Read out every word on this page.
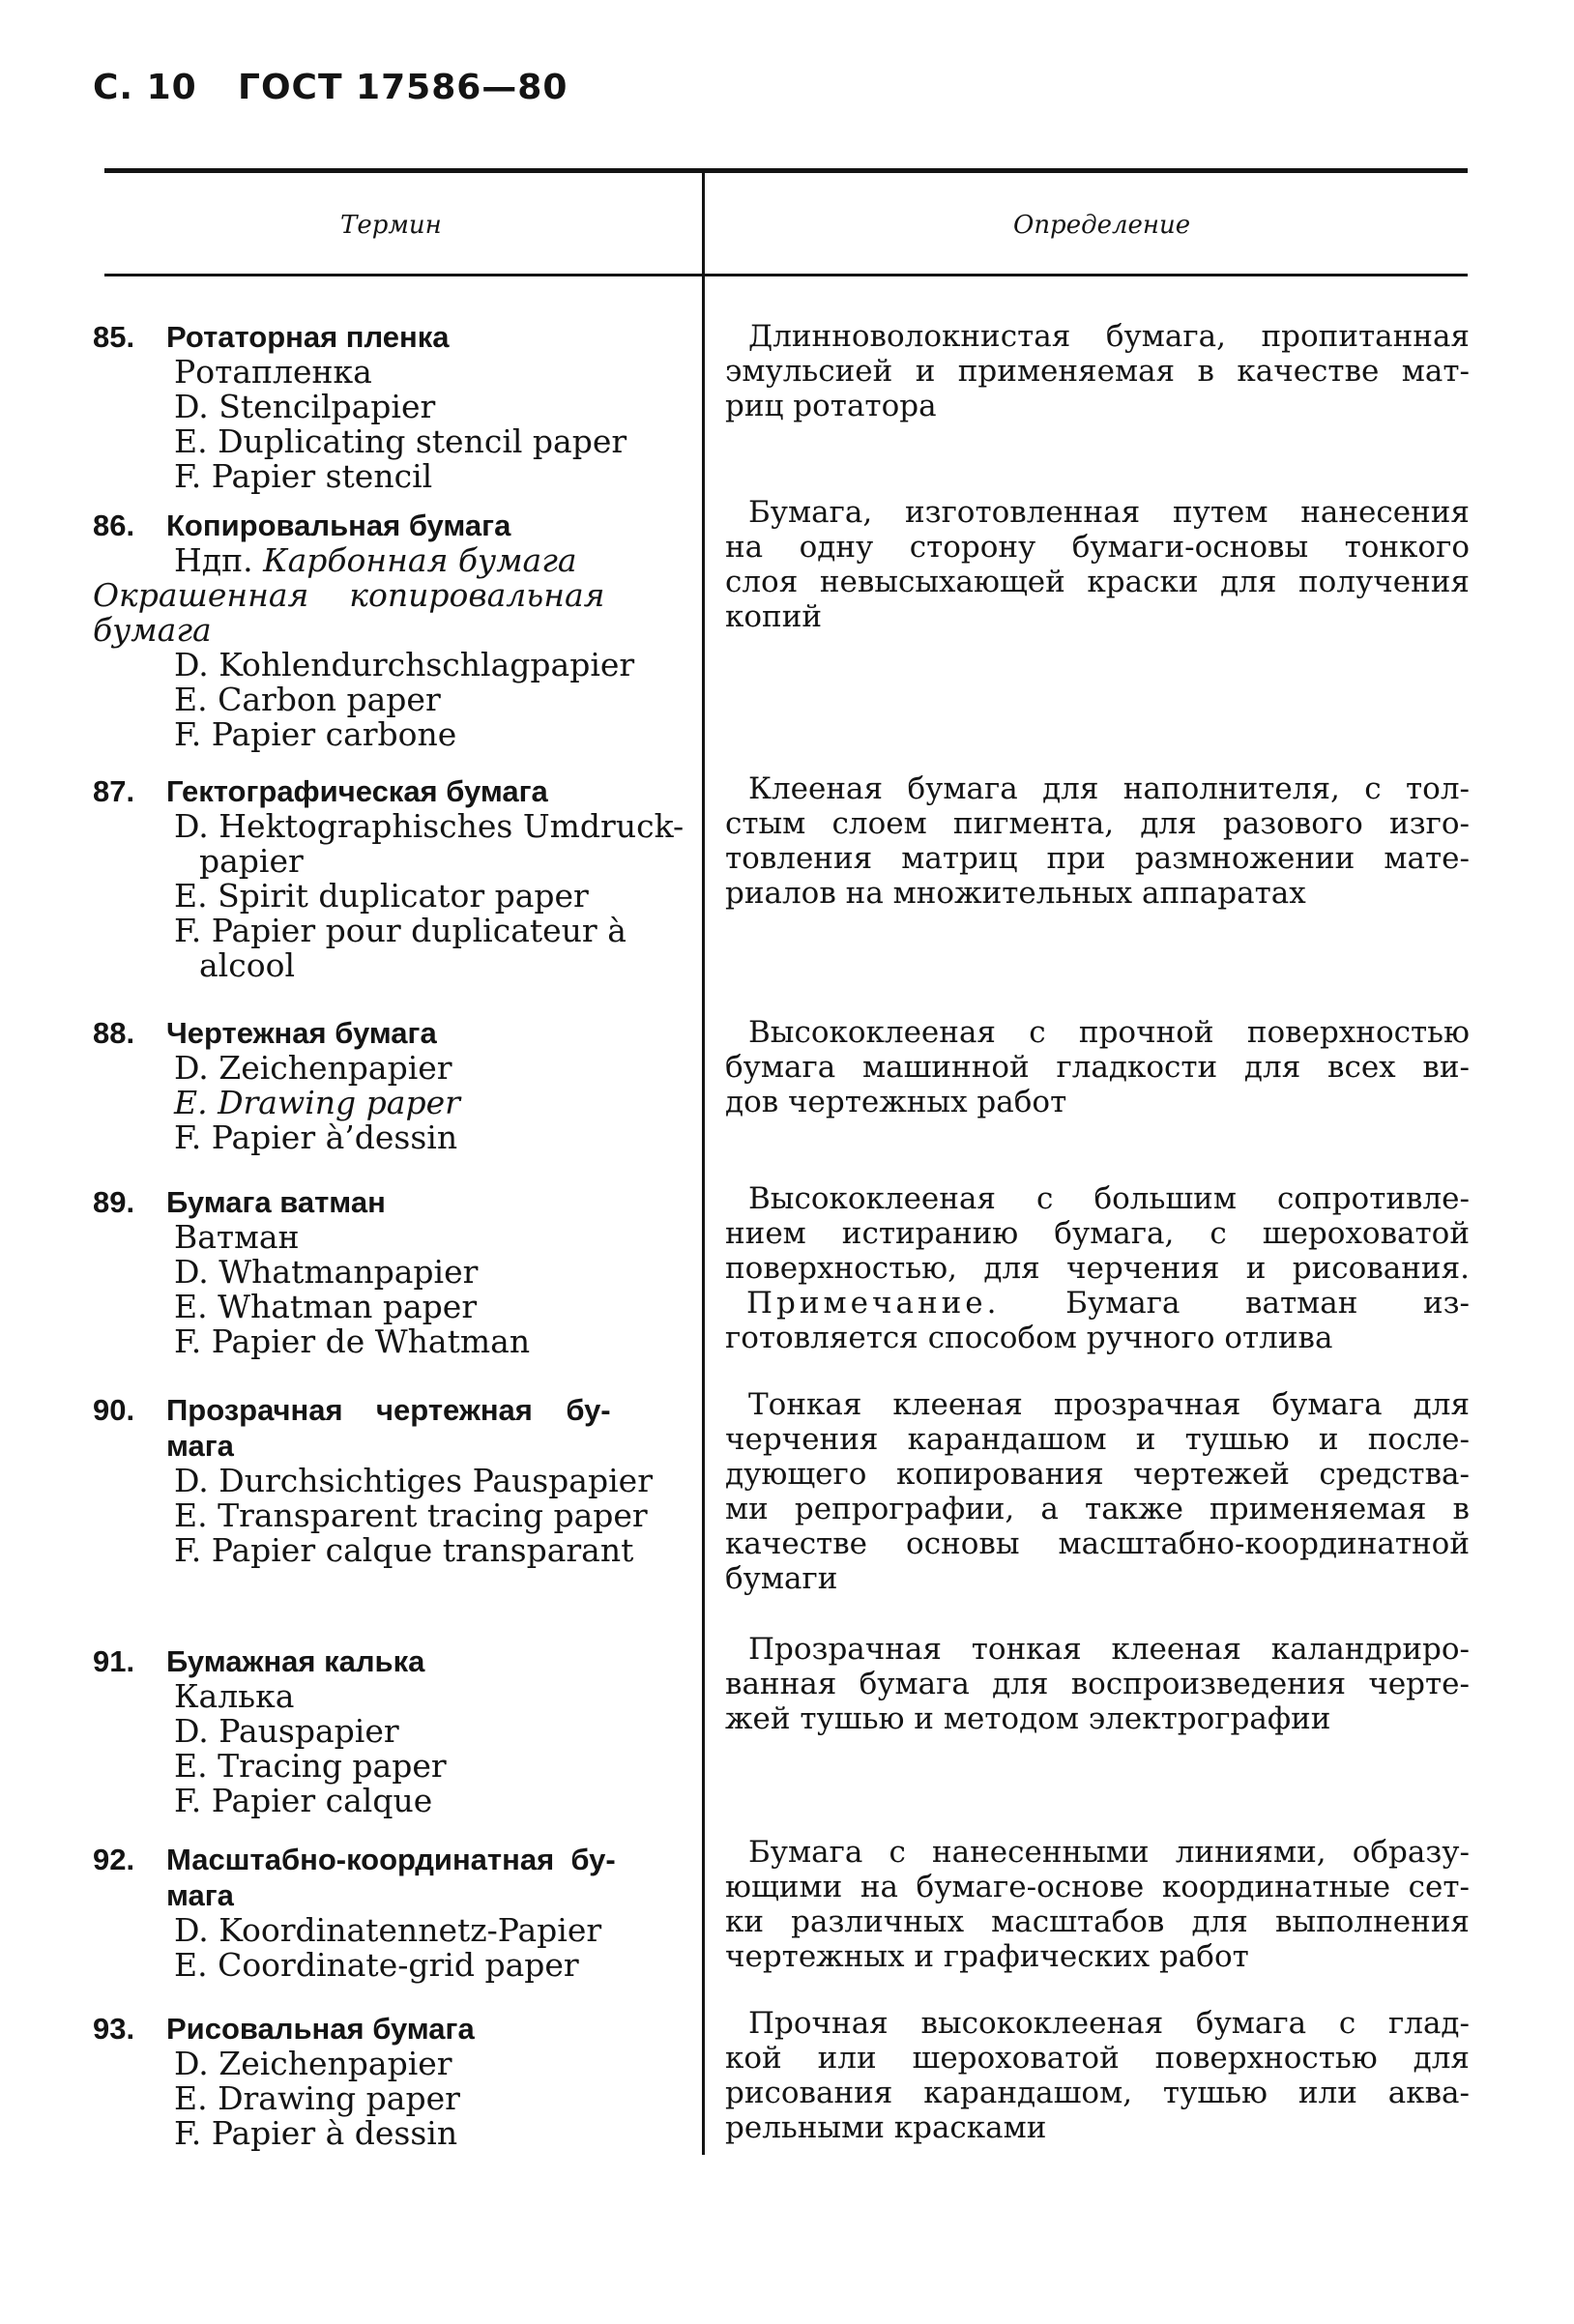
С. 10 ГОСТ 17586—80
Термин	Определение
85. Ротаторная пленка
Ротапленка
D. Stencilpapier
E. Duplicating stencil paper
F. Papier stencil
Длинноволокнистая бумага, пропитанная
эмульсией и применяемая в качестве мат-
риц ротатора
86. Копировальная бумага
Ндп. Карбонная бумага
Окрашенная    копировальная
бумага
D. Kohlendurchschlagpapier
E. Carbon paper
F. Papier carbone
Бумага, изготовленная путем нанесения
на одну сторону бумаги-основы тонкого
слоя невысыхающей краски для получения
копий
87. Гектографическая бумага
D. Hektographisches Umdruck-
papier
E. Spirit duplicator paper
F. Papier pour duplicateur à
alcool
Клееная бумага для наполнителя, с тол-
стым слоем пигмента, для разового изго-
товления матриц при размножении мате-
риалов на множительных аппаратах
88. Чертежная бумага
D. Zeichenpapier
E. Drawing paper
F. Papier à’dessin
Высококлееная с прочной поверхностью
бумага машинной гладкости для всех ви-
дов чертежных работ
89. Бумага ватман
Ватман
D. Whatmanpapier
E. Whatman paper
F. Papier de Whatman
Высококлееная с большим сопротивле-
нием истиранию бумага, с шероховатой
поверхностью, для черчения и рисования.
Примечание. Бумага ватман из-
готовляется способом ручного отлива
90. Прозрачная    чертежная    бу-
мага
D. Durchsichtiges Pauspapier
E. Transparent tracing paper
F. Papier calque transparant
Тонкая клееная прозрачная бумага для
черчения карандашом и тушью и после-
дующего копирования чертежей средства-
ми репрографии, а также применяемая в
качестве основы масштабно-координатной
бумаги
91. Бумажная калька
Калька
D. Pauspapier
E. Tracing paper
F. Papier calque
Прозрачная тонкая клееная каландриро-
ванная бумага для воспроизведения черте-
жей тушью и методом электрографии
92. Масштабно-координатная  бу-
мага
D. Koordinatennetz-Papier
E. Coordinate-grid paper
Бумага с нанесенными линиями, образу-
ющими на бумаге-основе координатные сет-
ки различных масштабов для выполнения
чертежных и графических работ
93. Рисовальная бумага
D. Zeichenpapier
E. Drawing paper
F. Papier à dessin
Прочная высококлееная бумага с глад-
кой или шероховатой поверхностью для
рисования карандашом, тушью или аква-
рельными красками
